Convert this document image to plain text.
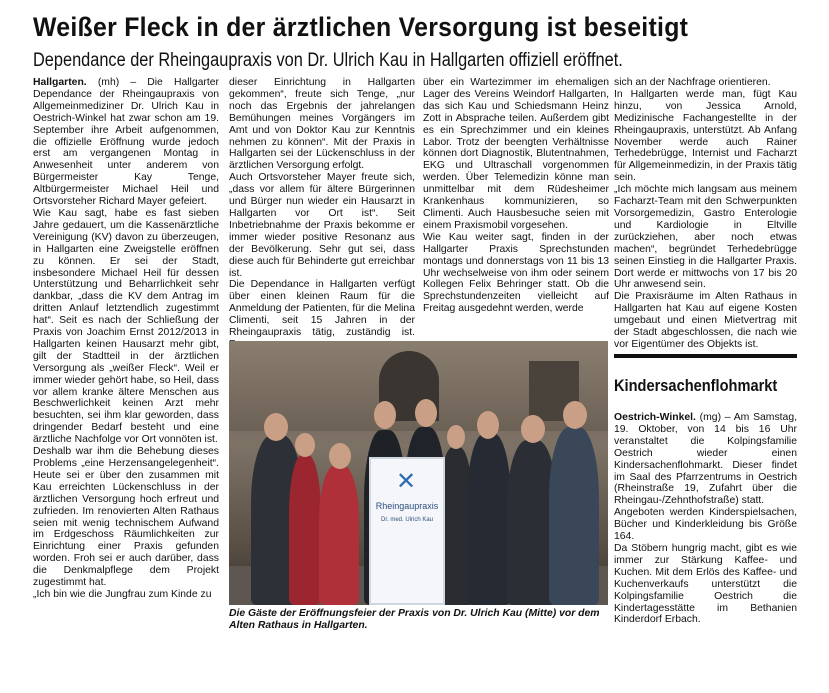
Weißer Fleck in der ärztlichen Versorgung ist beseitigt
Dependance der Rheingaupraxis von Dr. Ulrich Kau in Hallgarten offiziell eröffnet.

Hallgarten. (mh) – Die Hallgarter Dependance der Rheingaupraxis von Allgemeinmediziner Dr. Ulrich Kau in Oestrich-Winkel hat zwar schon am 19. September ihre Arbeit aufgenommen, die offizielle Eröffnung wurde jedoch erst am vergangenen Montag in Anwesenheit unter anderem von Bürgermeister Kay Tenge, Altbürgermeister Michael Heil und Ortsvorsteher Richard Mayer gefeiert.

Wie Kau sagt, habe es fast sieben Jahre gedauert, um die Kassenärztliche Vereinigung (KV) davon zu überzeugen, in Hallgarten eine Zweigstelle eröffnen zu können. Er sei der Stadt, insbesondere Michael Heil für dessen Unterstützung und Beharrlichkeit sehr dankbar, „dass die KV dem Antrag im dritten Anlauf letztendlich zugestimmt hat“. Seit es nach der Schließung der Praxis von Joachim Ernst 2012/2013 in Hallgarten keinen Hausarzt mehr gibt, gilt der Stadtteil in der ärztlichen Versorgung als „weißer Fleck“. Weil er immer wieder gehört habe, so Heil, dass vor allem kranke ältere Menschen aus Beschwerlichkeit keinen Arzt mehr besuchten, sei ihm klar geworden, dass dringender Bedarf besteht und eine ärztliche Nachfolge vor Ort vonnöten ist.

Deshalb war ihm die Behebung dieses Problems „eine Herzensangelegenheit“. Heute sei er über den zusammen mit Kau erreichten Lückenschluss in der ärztlichen Versorgung hoch erfreut und zufrieden. Im renovierten Alten Rathaus seien mit wenig technischem Aufwand im Erdgeschoss Räumlichkeiten zur Einrichtung einer Praxis gefunden worden. Froh sei er auch darüber, dass die Denkmalpflege dem Projekt zugestimmt hat.

„Ich bin wie die Jungfrau zum Kinde zu

dieser Einrichtung in Hallgarten gekommen“, freute sich Tenge, „nur noch das Ergebnis der jahrelangen Bemühungen meines Vorgängers im Amt und von Doktor Kau zur Kenntnis nehmen zu können“. Mit der Praxis in Hallgarten sei der Lückenschluss in der ärztlichen Versorgung erfolgt.

Auch Ortsvorsteher Mayer freute sich, „dass vor allem für ältere Bürgerinnen und Bürger nun wieder ein Hausarzt in Hallgarten vor Ort ist“. Seit Inbetriebnahme der Praxis bekomme er immer wieder positive Resonanz aus der Bevölkerung. Sehr gut sei, dass diese auch für Behinderte gut erreichbar ist.

Die Dependance in Hallgarten verfügt über einen kleinen Raum für die Anmeldung der Patienten, für die Melina Climenti, seit 15 Jahren in der Rheingaupraxis tätig, zuständig ist.

über ein Wartezimmer im ehemaligen Lager des Vereins Weindorf Hallgarten, das sich Kau und Schiedsmann Heinz Zott in Absprache teilen. Außerdem gibt es ein Sprechzimmer und ein kleines Labor. Trotz der beengten Verhältnisse können dort Diagnostik, Blutentnahmen, EKG und Ultraschall vorgenommen werden. Über Telemedizin könne man unmittelbar mit dem Rüdesheimer Krankenhaus kommunizieren, so Climenti. Auch Hausbesuche seien mit einem Praxismobil vorgesehen.

Wie Kau weiter sagt, finden in der Hallgarter Praxis Sprechstunden montags und donnerstags von 11 bis 13 Uhr wechselweise von ihm oder seinem Kollegen Felix Behringer statt. Ob die Sprechstundenzeiten vielleicht auf Freitag ausgedehnt werden, werde

sich an der Nachfrage orientieren.

In Hallgarten werde man, fügt Kau hinzu, von Jessica Arnold, Medizinische Fachangestellte in der Rheingaupraxis, unterstützt. Ab Anfang November werde auch Rainer Terhedebrügge, Internist und Facharzt für Allgemeinmedizin, in der Praxis tätig sein.

„Ich möchte mich langsam aus meinem Facharzt-Team mit den Schwerpunkten Vorsorgemedizin, Gastro Enterologie und Kardiologie in Eltville zurückziehen, aber noch etwas machen“, begründet Terhedebrügge seinen Einstieg in die Hallgarter Praxis. Dort werde er mittwochs von 17 bis 20 Uhr anwesend sein.

Die Praxisräume im Alten Rathaus in Hallgarten hat Kau auf eigene Kosten umgebaut und einen Mietvertrag mit der Stadt abgeschlossen, die nach wie vor Eigentümer des Objekts ist.

✕
Rheingaupraxis
Dr. med. Ulrich Kau
Die Gäste der Eröffnungsfeier der Praxis von Dr. Ulrich Kau (Mitte) vor dem Alten Rathaus in Hallgarten.
Kindersachenflohmarkt

Oestrich-Winkel. (mg) – Am Samstag, 19. Oktober, von 14 bis 16 Uhr veranstaltet die Kolpingsfamilie Oestrich wieder einen Kindersachenflohmarkt. Dieser findet im Saal des Pfarrzentrums in Oestrich (Rheinstraße 19, Zufahrt über die Rheingau-/Zehnthofstraße) statt.

Angeboten werden Kinderspielsachen, Bücher und Kinderkleidung bis Größe 164.

Da Stöbern hungrig macht, gibt es wie immer zur Stärkung Kaffee- und Kuchen. Mit dem Erlös des Kaffee- und Kuchenverkaufs unterstützt die Kolpingsfamilie Oestrich die Kindertagesstätte im Bethanien Kinderdorf Erbach.
